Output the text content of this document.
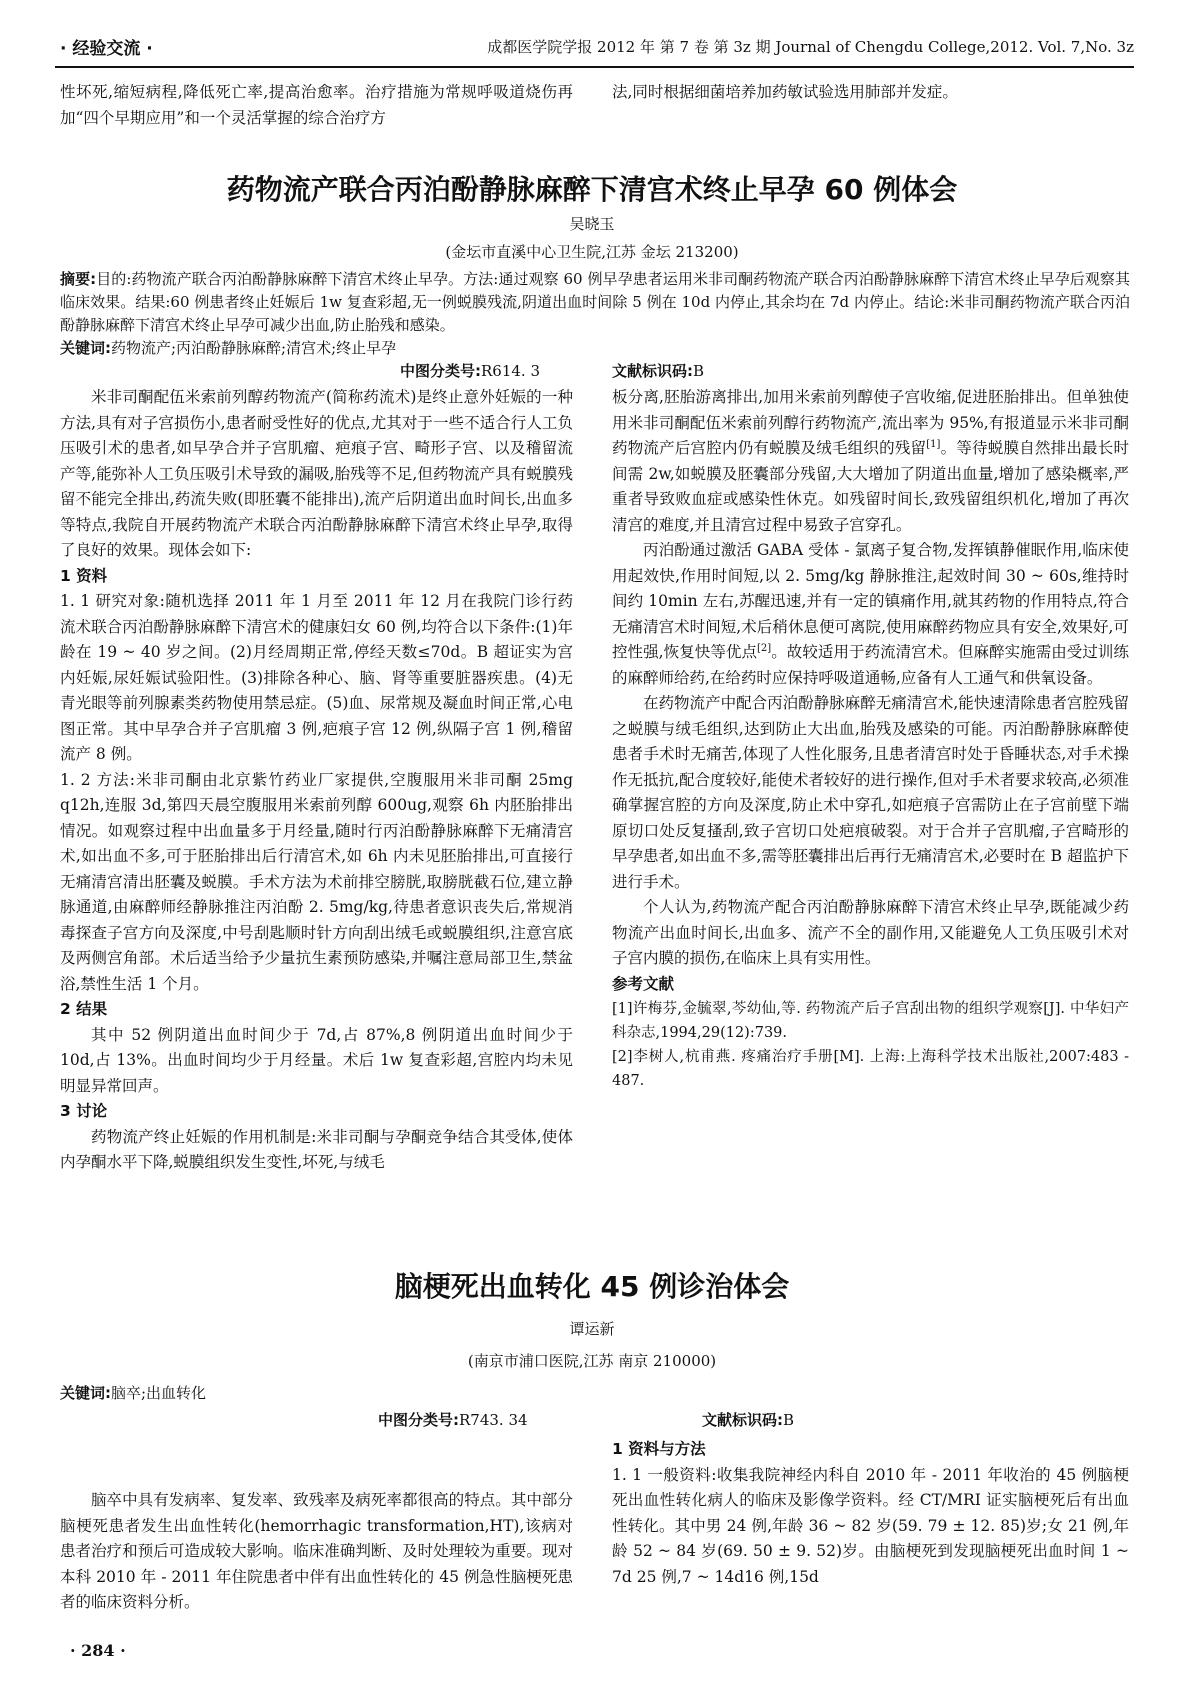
· 经验交流 ·	成都医学院学报 2012 年 第 7 卷 第 3z 期 Journal of Chengdu College,2012. Vol. 7,No. 3z

性坏死,缩短病程,降低死亡率,提高治愈率。治疗措施为常规呼吸道烧伤再加“四个早期应用”和一个灵活掌握的综合治疗方

法,同时根据细菌培养加药敏试验选用肺部并发症。

药物流产联合丙泊酚静脉麻醉下清宫术终止早孕 60 例体会
吴晓玉
(金坛市直溪中心卫生院,江苏 金坛 213200)
摘要:目的:药物流产联合丙泊酚静脉麻醉下清宫术终止早孕。方法:通过观察 60 例早孕患者运用米非司酮药物流产联合丙泊酚静脉麻醉下清宫术终止早孕后观察其临床效果。结果:60 例患者终止妊娠后 1w 复查彩超,无一例蜕膜残流,阴道出血时间除 5 例在 10d 内停止,其余均在 7d 内停止。结论:米非司酮药物流产联合丙泊酚静脉麻醉下清宫术终止早孕可减少出血,防止胎残和感染。
关键词:药物流产;丙泊酚静脉麻醉;清宫术;终止早孕
中图分类号:R614. 3	文献标识码:B

米非司酮配伍米索前列醇药物流产(简称药流术)是终止意外妊娠的一种方法,具有对子宫损伤小,患者耐受性好的优点,尤其对于一些不适合行人工负压吸引术的患者,如早孕合并子宫肌瘤、疤痕子宫、畸形子宫、以及稽留流产等,能弥补人工负压吸引术导致的漏吸,胎残等不足,但药物流产具有蜕膜残留不能完全排出,药流失败(即胚囊不能排出),流产后阴道出血时间长,出血多等特点,我院自开展药物流产术联合丙泊酚静脉麻醉下清宫术终止早孕,取得了良好的效果。现体会如下:

1 资料

1. 1 研究对象:随机选择 2011 年 1 月至 2011 年 12 月在我院门诊行药流术联合丙泊酚静脉麻醉下清宫术的健康妇女 60 例,均符合以下条件:(1)年龄在 19 ~ 40 岁之间。(2)月经周期正常,停经天数≤70d。B 超证实为宫内妊娠,尿妊娠试验阳性。(3)排除各种心、脑、肾等重要脏器疾患。(4)无青光眼等前列腺素类药物使用禁忌症。(5)血、尿常规及凝血时间正常,心电图正常。其中早孕合并子宫肌瘤 3 例,疤痕子宫 12 例,纵隔子宫 1 例,稽留流产 8 例。

1. 2 方法:米非司酮由北京紫竹药业厂家提供,空腹服用米非司酮 25mg q12h,连服 3d,第四天晨空腹服用米索前列醇 600ug,观察 6h 内胚胎排出情况。如观察过程中出血量多于月经量,随时行丙泊酚静脉麻醉下无痛清宫术,如出血不多,可于胚胎排出后行清宫术,如 6h 内未见胚胎排出,可直接行无痛清宫清出胚囊及蜕膜。手术方法为术前排空膀胱,取膀胱截石位,建立静脉通道,由麻醉师经静脉推注丙泊酚 2. 5mg/kg,待患者意识丧失后,常规消毒探查子宫方向及深度,中号刮匙顺时针方向刮出绒毛或蜕膜组织,注意宫底及两侧宫角部。术后适当给予少量抗生素预防感染,并嘱注意局部卫生,禁盆浴,禁性生活 1 个月。

2 结果

其中 52 例阴道出血时间少于 7d,占 87%,8 例阴道出血时间少于 10d,占 13%。出血时间均少于月经量。术后 1w 复查彩超,宫腔内均未见明显异常回声。

3 讨论

药物流产终止妊娠的作用机制是:米非司酮与孕酮竞争结合其受体,使体内孕酮水平下降,蜕膜组织发生变性,坏死,与绒毛

板分离,胚胎游离排出,加用米索前列醇使子宫收缩,促进胚胎排出。但单独使用米非司酮配伍米索前列醇行药物流产,流出率为 95%,有报道显示米非司酮药物流产后宫腔内仍有蜕膜及绒毛组织的残留[1]。等待蜕膜自然排出最长时间需 2w,如蜕膜及胚囊部分残留,大大增加了阴道出血量,增加了感染概率,严重者导致败血症或感染性休克。如残留时间长,致残留组织机化,增加了再次清宫的难度,并且清宫过程中易致子宫穿孔。

丙泊酚通过激活 GABA 受体 - 氯离子复合物,发挥镇静催眠作用,临床使用起效快,作用时间短,以 2. 5mg/kg 静脉推注,起效时间 30 ~ 60s,维持时间约 10min 左右,苏醒迅速,并有一定的镇痛作用,就其药物的作用特点,符合无痛清宫术时间短,术后稍休息便可离院,使用麻醉药物应具有安全,效果好,可控性强,恢复快等优点[2]。故较适用于药流清宫术。但麻醉实施需由受过训练的麻醉师给药,在给药时应保持呼吸道通畅,应备有人工通气和供氧设备。

在药物流产中配合丙泊酚静脉麻醉无痛清宫术,能快速清除患者宫腔残留之蜕膜与绒毛组织,达到防止大出血,胎残及感染的可能。丙泊酚静脉麻醉使患者手术时无痛苦,体现了人性化服务,且患者清宫时处于昏睡状态,对手术操作无抵抗,配合度较好,能使术者较好的进行操作,但对手术者要求较高,必须准确掌握宫腔的方向及深度,防止术中穿孔,如疤痕子宫需防止在子宫前壁下端原切口处反复搔刮,致子宫切口处疤痕破裂。对于合并子宫肌瘤,子宫畸形的早孕患者,如出血不多,需等胚囊排出后再行无痛清宫术,必要时在 B 超监护下进行手术。

个人认为,药物流产配合丙泊酚静脉麻醉下清宫术终止早孕,既能减少药物流产出血时间长,出血多、流产不全的副作用,又能避免人工负压吸引术对子宫内膜的损伤,在临床上具有实用性。

参考文献

[1]许梅芬,金毓翠,芩幼仙,等. 药物流产后子宫刮出物的组织学观察[J]. 中华妇产科杂志,1994,29(12):739.

[2]李树人,杭甫燕. 疼痛治疗手册[M]. 上海:上海科学技术出版社,2007:483 - 487.

脑梗死出血转化 45 例诊治体会
谭运新
(南京市浦口医院,江苏 南京 210000)
关键词:脑卒;出血转化
中图分类号:R743. 34	文献标识码:B

脑卒中具有发病率、复发率、致残率及病死率都很高的特点。其中部分脑梗死患者发生出血性转化(hemorrhagic transformation,HT),该病对患者治疗和预后可造成较大影响。临床准确判断、及时处理较为重要。现对本科 2010 年 - 2011 年住院患者中伴有出血性转化的 45 例急性脑梗死患者的临床资料分析。

1 资料与方法

1. 1 一般资料:收集我院神经内科自 2010 年 - 2011 年收治的 45 例脑梗死出血性转化病人的临床及影像学资料。经 CT/MRI 证实脑梗死后有出血性转化。其中男 24 例,年龄 36 ~ 82 岁(59. 79 ± 12. 85)岁;女 21 例,年龄 52 ~ 84 岁(69. 50 ± 9. 52)岁。由脑梗死到发现脑梗死出血时间 1 ~ 7d 25 例,7 ~ 14d16 例,15d

· 284 ·
